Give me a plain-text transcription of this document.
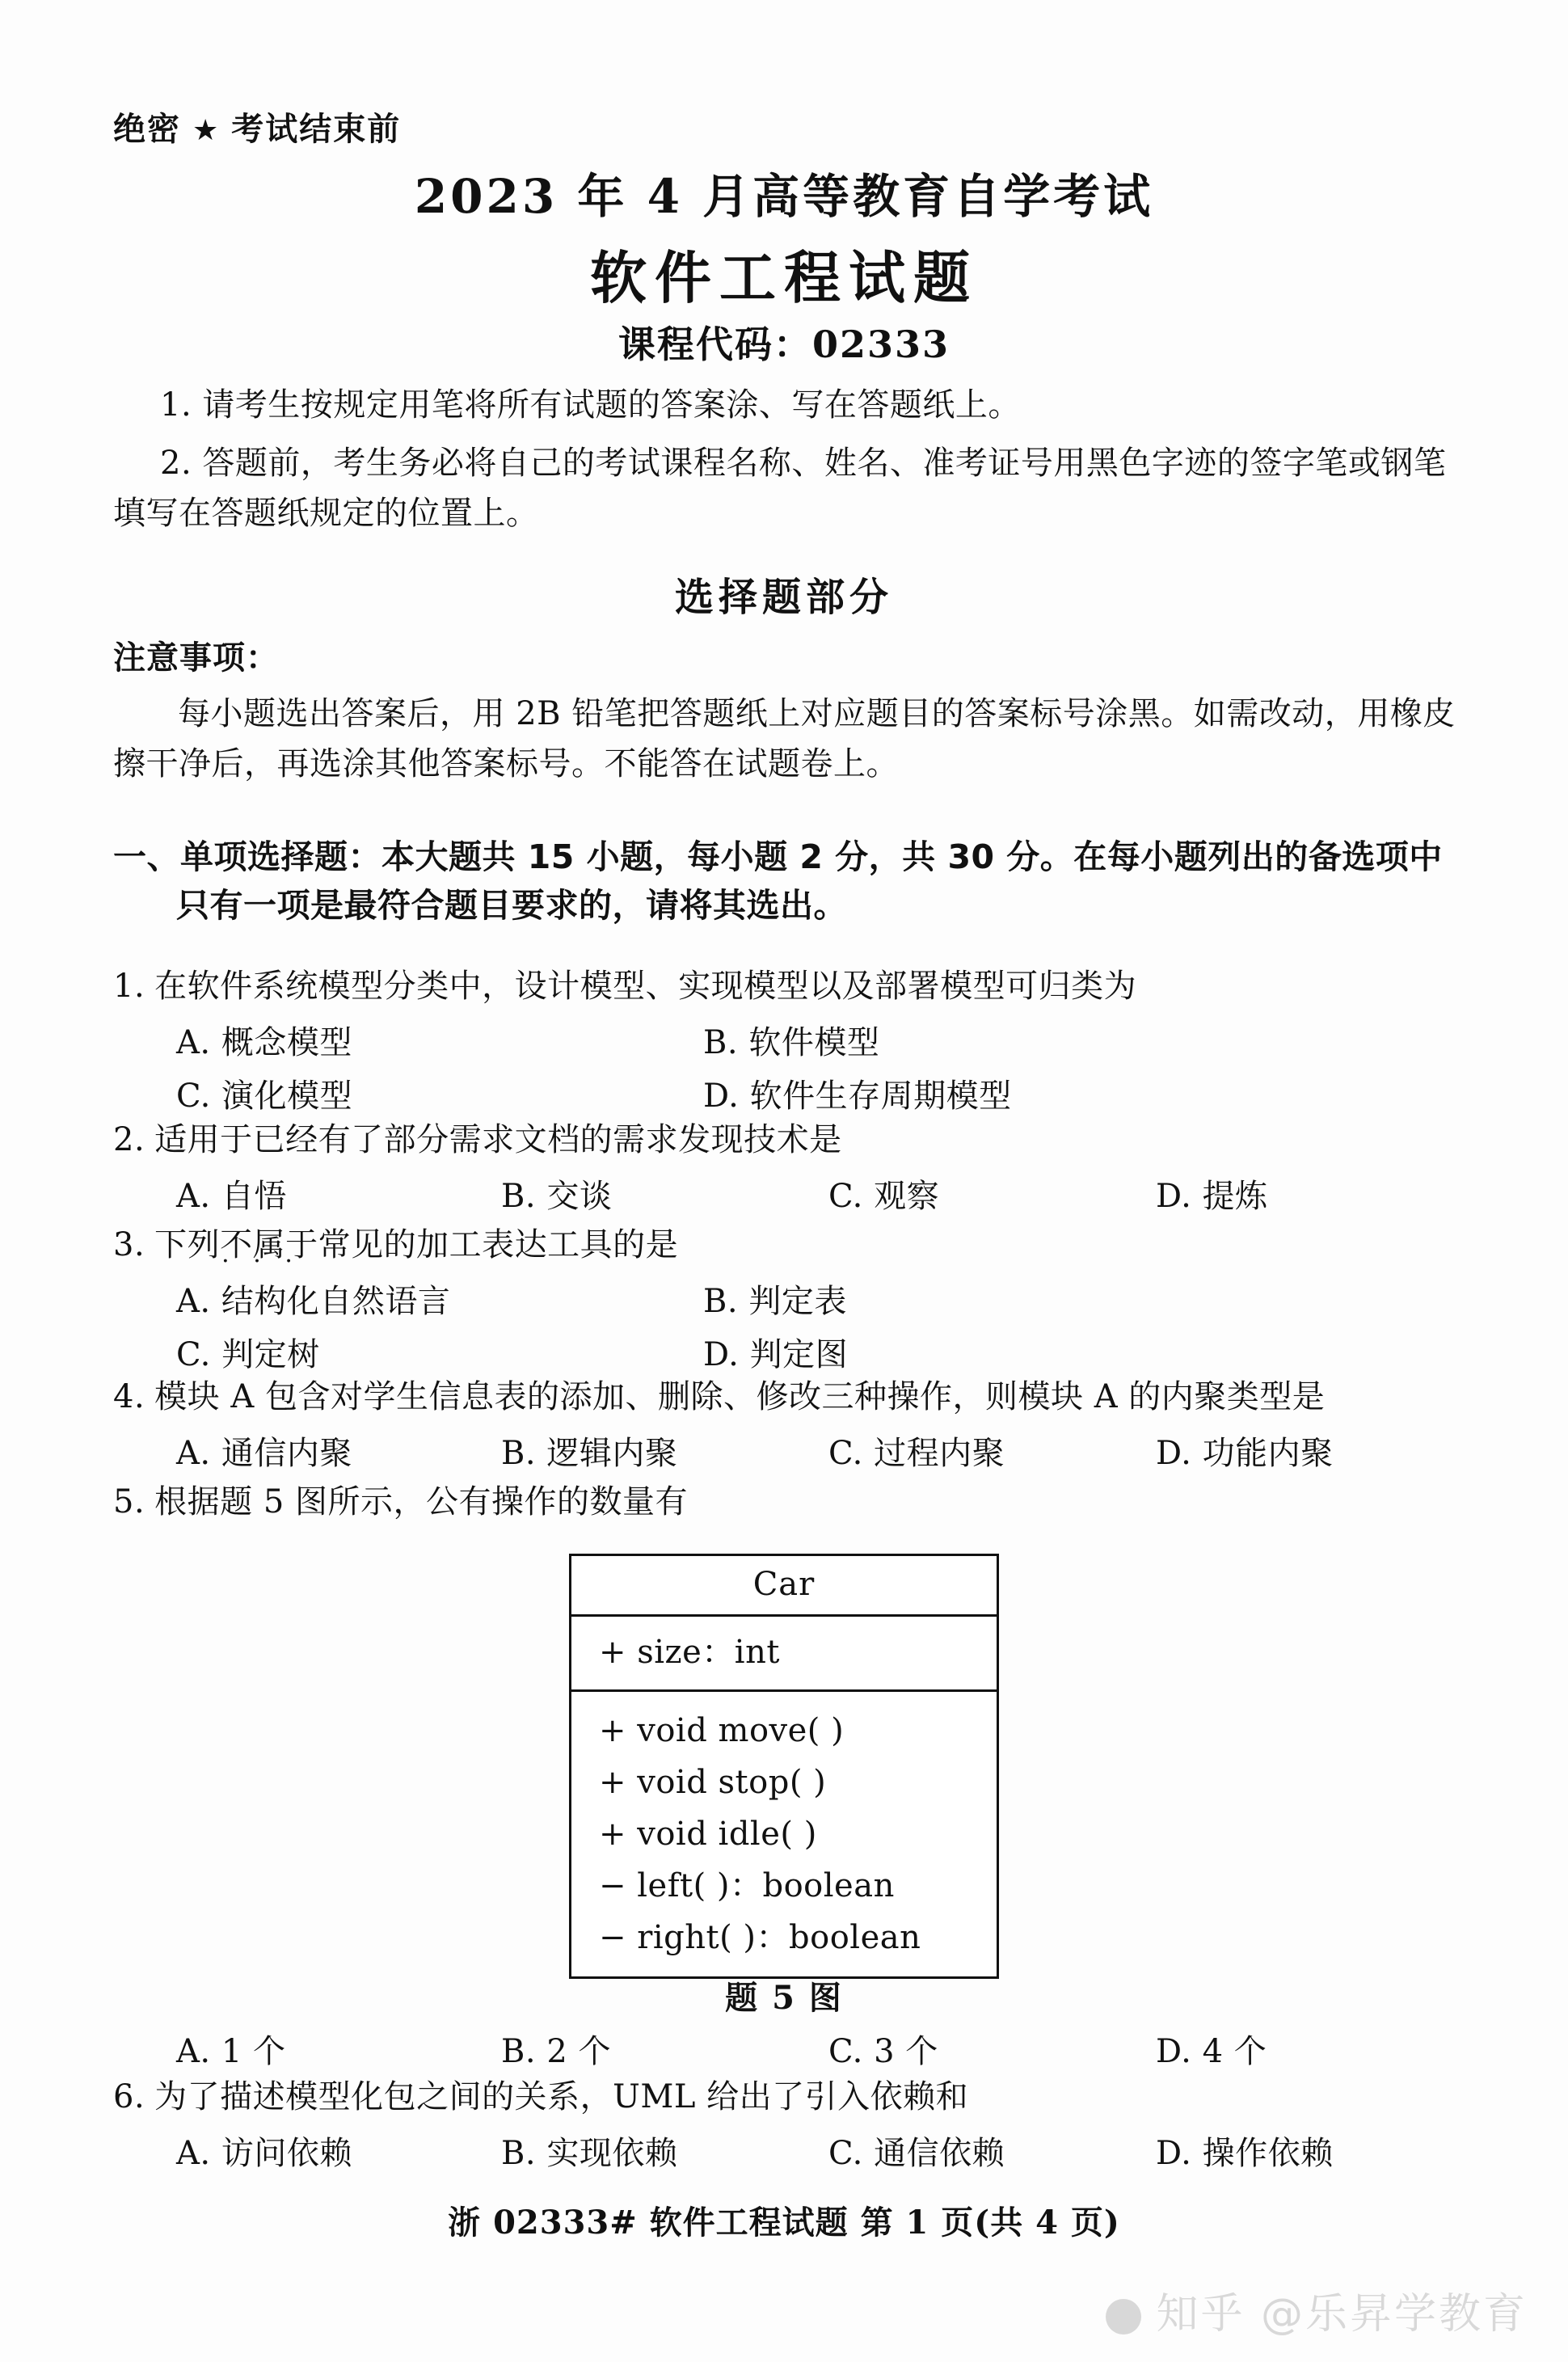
绝密 ★ 考试结束前
2023 年 4 月高等教育自学考试
软件工程试题
课程代码：02333
1. 请考生按规定用笔将所有试题的答案涂、写在答题纸上。
2. 答题前，考生务必将自己的考试课程名称、姓名、准考证号用黑色字迹的签字笔或钢笔填写在答题纸规定的位置上。
选择题部分
注意事项：
每小题选出答案后，用 2B 铅笔把答题纸上对应题目的答案标号涂黑。如需改动，用橡皮擦干净后，再选涂其他答案标号。不能答在试题卷上。
一、单项选择题：本大题共 15 小题，每小题 2 分，共 30 分。在每小题列出的备选项中
只有一项是最符合题目要求的，请将其选出。
1. 在软件系统模型分类中，设计模型、实现模型以及部署模型可归类为
A. 概念模型	B. 软件模型
C. 演化模型	D. 软件生存周期模型
2. 适用于已经有了部分需求文档的需求发现技术是
A. 自悟	B. 交谈	C. 观察	D. 提炼
3. 下列不属于 · · ·常见的加工表达工具的是
A. 结构化自然语言	B. 判定表
C. 判定树	D. 判定图
4. 模块 A 包含对学生信息表的添加、删除、修改三种操作，则模块 A 的内聚类型是
A. 通信内聚	B. 逻辑内聚	C. 过程内聚	D. 功能内聚
5. 根据题 5 图所示，公有操作的数量有
Car
+ size：int
+ void move( )
+ void stop( )
+ void idle( )
− left( )：boolean
− right( )：boolean
题 5 图
A. 1 个	B. 2 个	C. 3 个	D. 4 个
6. 为了描述模型化包之间的关系，UML 给出了引入依赖和
A. 访问依赖	B. 实现依赖	C. 通信依赖	D. 操作依赖
浙 02333# 软件工程试题 第 1 页(共 4 页)
知乎 @乐昇学教育
